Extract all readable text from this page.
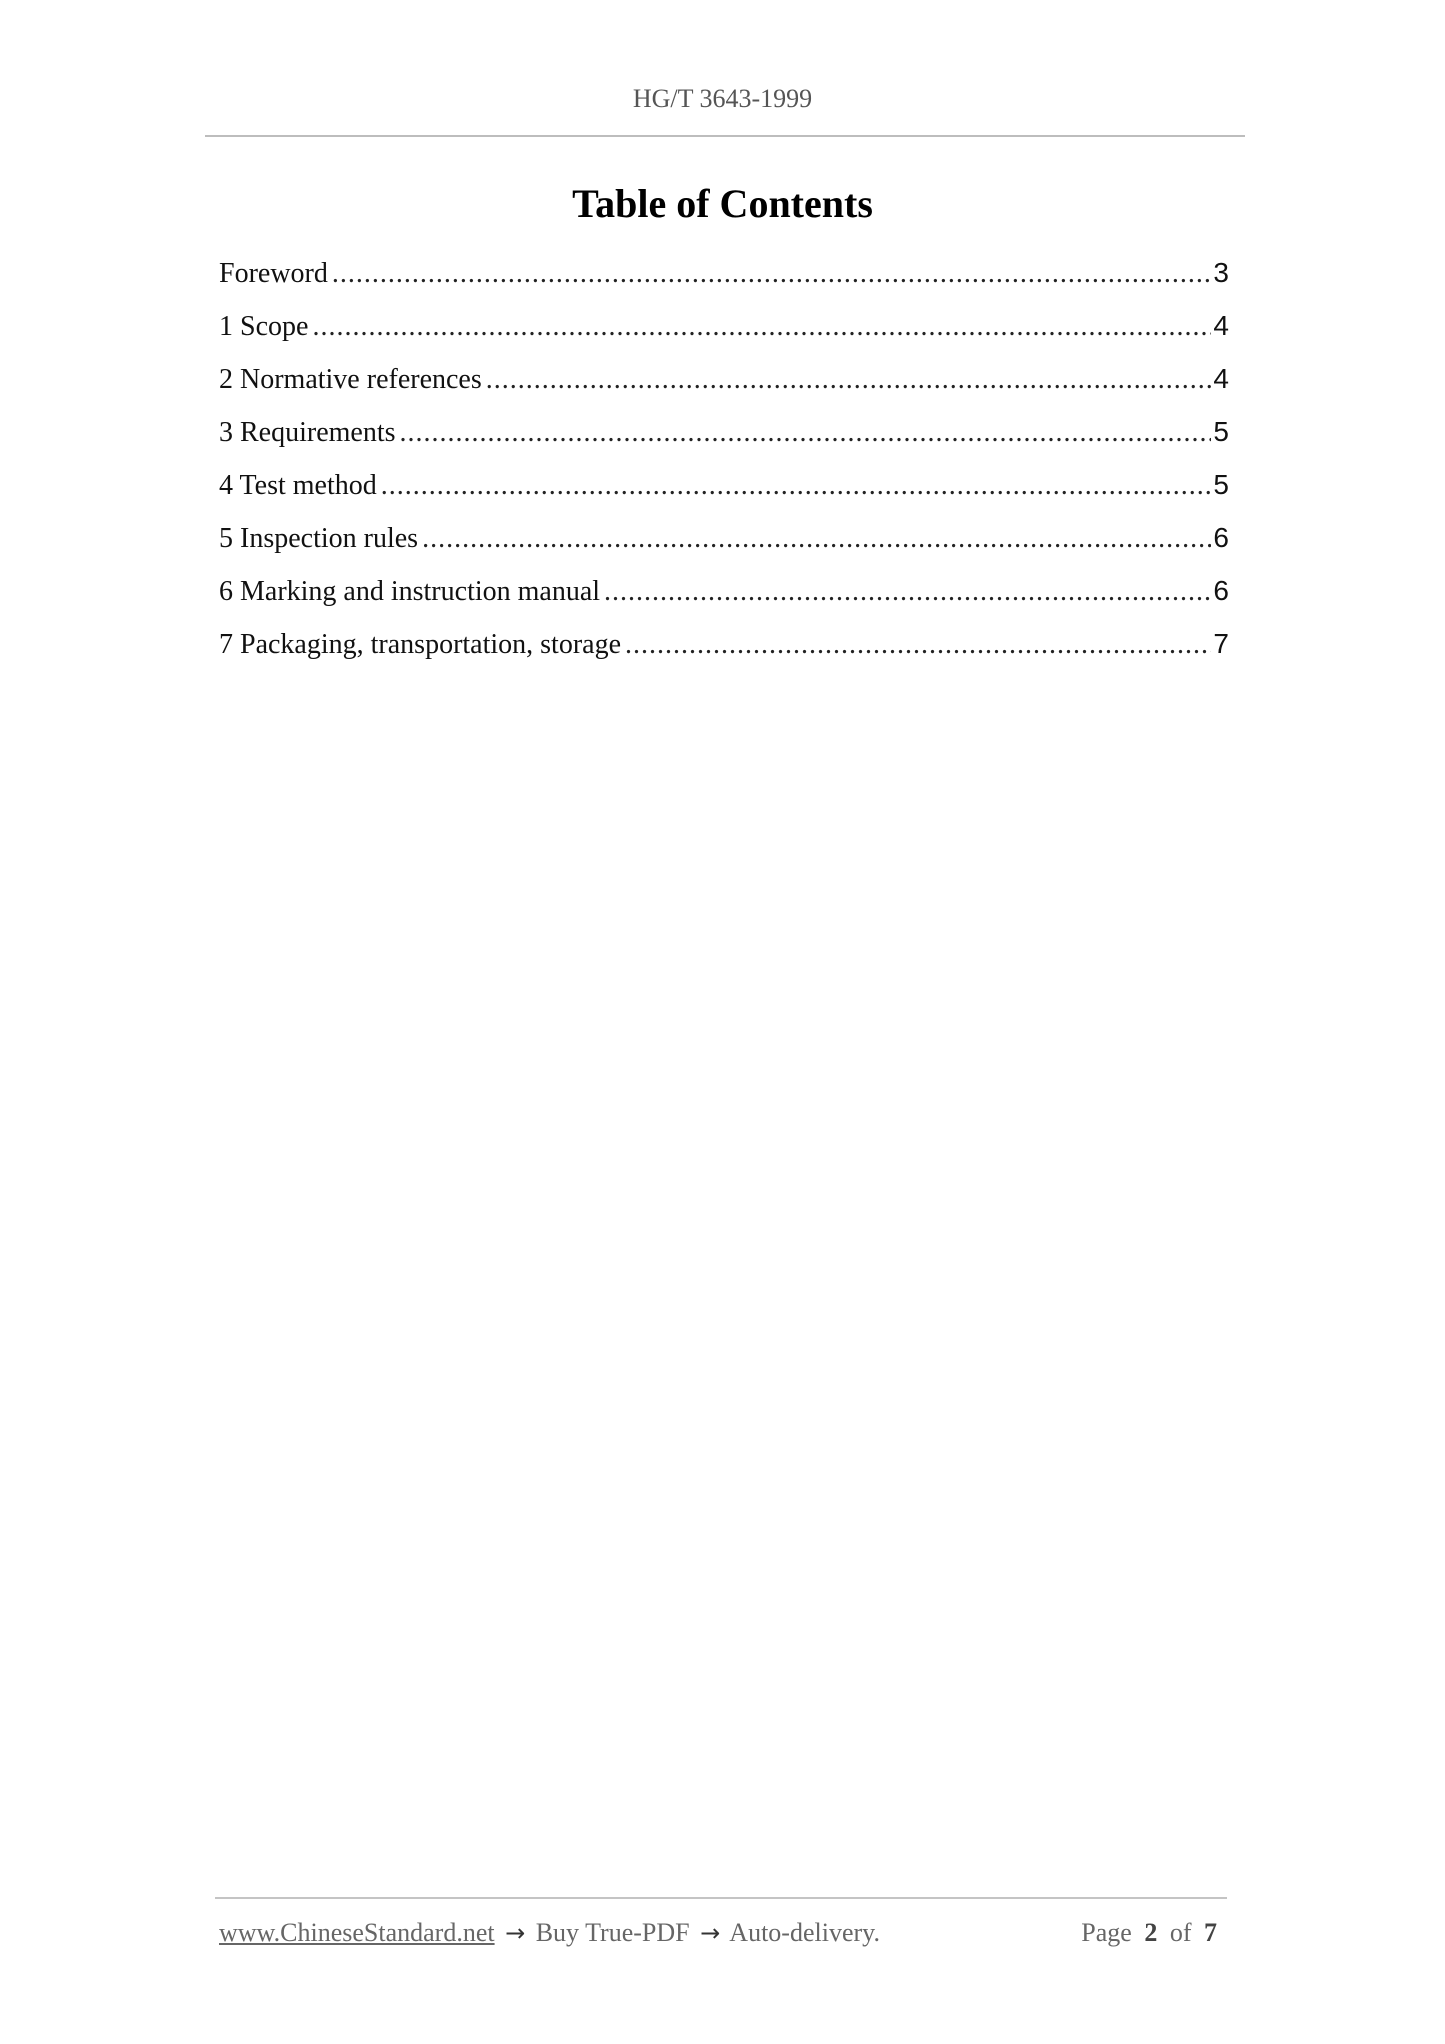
HG/T 3643-1999
Table of Contents
Foreword .....	3
1 Scope .....	4
2 Normative references .....	4
3 Requirements .....	5
4 Test method .....	5
5 Inspection rules .....	6
6 Marking and instruction manual .....	6
7 Packaging, transportation, storage .....	7
www.ChineseStandard.net → Buy True-PDF → Auto-delivery.	Page 2 of 7
